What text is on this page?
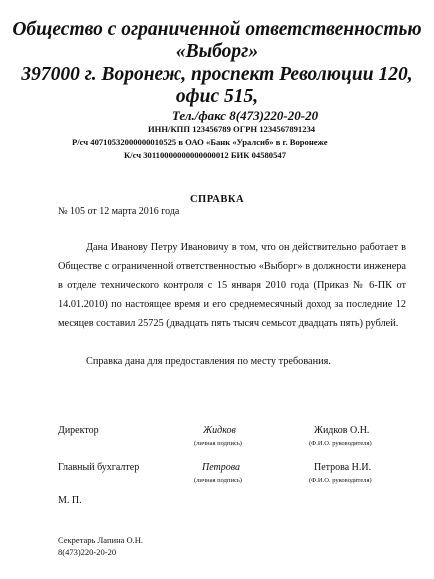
Общество с ограниченной ответственностью
«Выборг»
397000 г. Воронеж, проспект Революции 120,
офис 515,
Тел./факс 8(473)220-20-20
ИНН/КПП 123456789 ОГРН 1234567891234
Р/сч 40710532000000010525 в ОАО «Банк «Уралсиб» в г. Воронеже
К/сч 30110000000000000012 БИК 04580547
СПРАВКА
№ 105 от 12 марта 2016 года

Дана Иванову Петру Ивановичу в том, что он действительно работает в Обществе с ограниченной ответственностью «Выборг» в должности инженера в отделе технического контроля с 15 января 2010 года (Приказ № 6-ПК от 14.01.2010) по настоящее время и его среднемесячный доход за последние 12 месяцев составил 25725 (двадцать пять тысяч семьсот двадцать пять) рублей.

Справка дана для предоставления по месту требования.

Директор	Жидков	Жидков О.Н.
(личная подпись)	(Ф.И.О. руководителя)
Главный бухгалтер	Петрова	Петрова Н.И.
(личная подпись)	(Ф.И.О. руководителя)
М. П.
Секретарь Лапина О.Н.
8(473)220-20-20
